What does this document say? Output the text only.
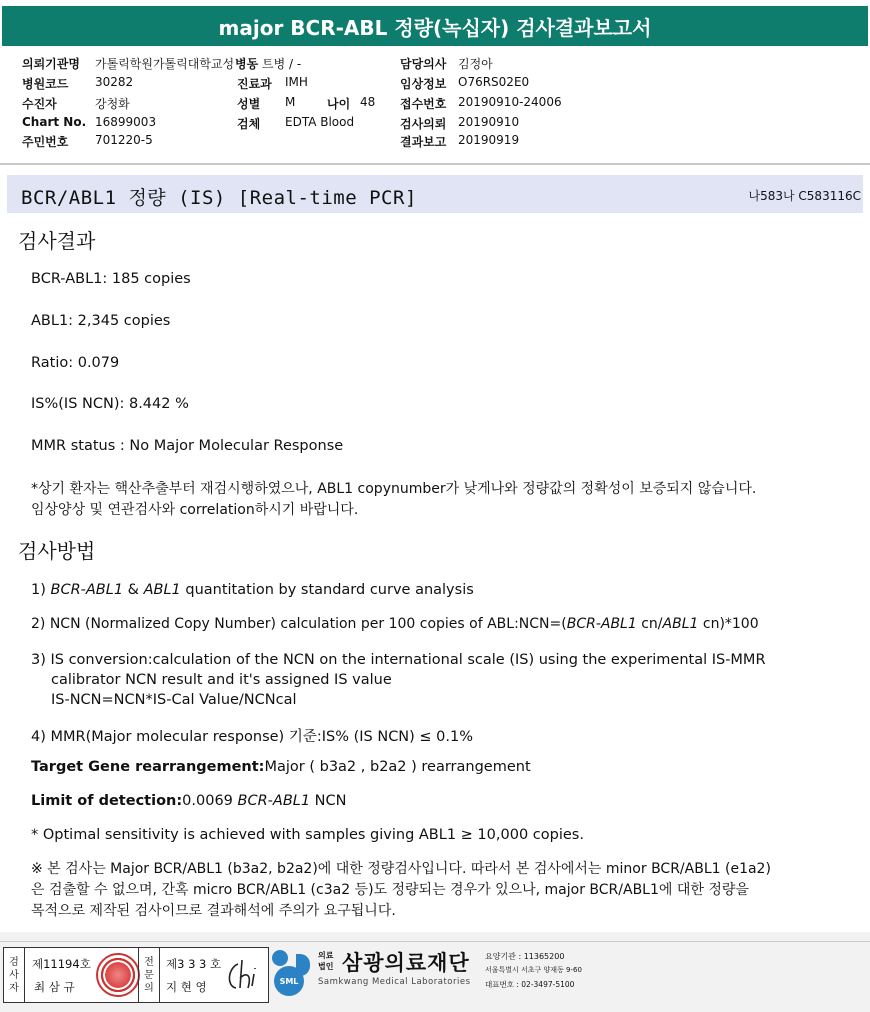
major BCR-ABL 정량(녹십자) 검사결과보고서
의뢰기관명 가톨릭학원가톨릭대학교성 병동 트병 / -	담당의사 김정아
병원코드 30282	진료과 IMH	임상정보 O76RS02E0
수진자	강청화	성별 M	나이 48 접수번호 20190910-24006
Chart No. 16899003	검체 EDTA Blood	검사의뢰 20190910
주민번호 701220-5	결과보고 20190919
BCR/ABL1 정량 (IS) [Real-time PCR]	나583나 C583116C
검사결과
BCR-ABL1: 185 copies
ABL1: 2,345 copies
Ratio: 0.079
IS%(IS NCN): 8.442 %
MMR status : No Major Molecular Response
*상기 환자는 핵산추출부터 재검시행하였으나, ABL1 copynumber가 낮게나와 정량값의 정확성이 보증되지 않습니다.
임상양상 및 연관검사와 correlation하시기 바랍니다.
검사방법
1) BCR-ABL1 & ABL1 quantitation by standard curve analysis
2) NCN (Normalized Copy Number) calculation per 100 copies of ABL:NCN=(BCR-ABL1 cn/ABL1 cn)*100
3) IS conversion:calculation of the NCN on the international scale (IS) using the experimental IS-MMR
calibrator NCN result and it's assigned IS value
IS-NCN=NCN*IS-Cal Value/NCNcal
4) MMR(Major molecular response) 기준:IS% (IS NCN) ≤ 0.1%
Target Gene rearrangement:Major ( b3a2 , b2a2 ) rearrangement
Limit of detection:0.0069 BCR-ABL1 NCN
* Optimal sensitivity is achieved with samples giving ABL1 ≥ 10,000 copies.
※ 본 검사는 Major BCR/ABL1 (b3a2, b2a2)에 대한 정량검사입니다. 따라서 본 검사에서는 minor BCR/ABL1 (e1a2)
은 검출할 수 없으며, 간혹 micro BCR/ABL1 (c3a2 등)도 정량되는 경우가 있으나, major BCR/ABL1에 대한 정량을
목적으로 제작된 검사이므로 결과해석에 주의가 요구됩니다.
검
사
자
제11194호
최 삼 규
전
문
의
제3 3 3 호
지 현 영	SML
의료
법인 삼광의료재단
Samkwang Medical Laboratories
요양기관 : 11365200
서울특별시 서초구 양재동 9-60
대표번호 : 02-3497-5100
